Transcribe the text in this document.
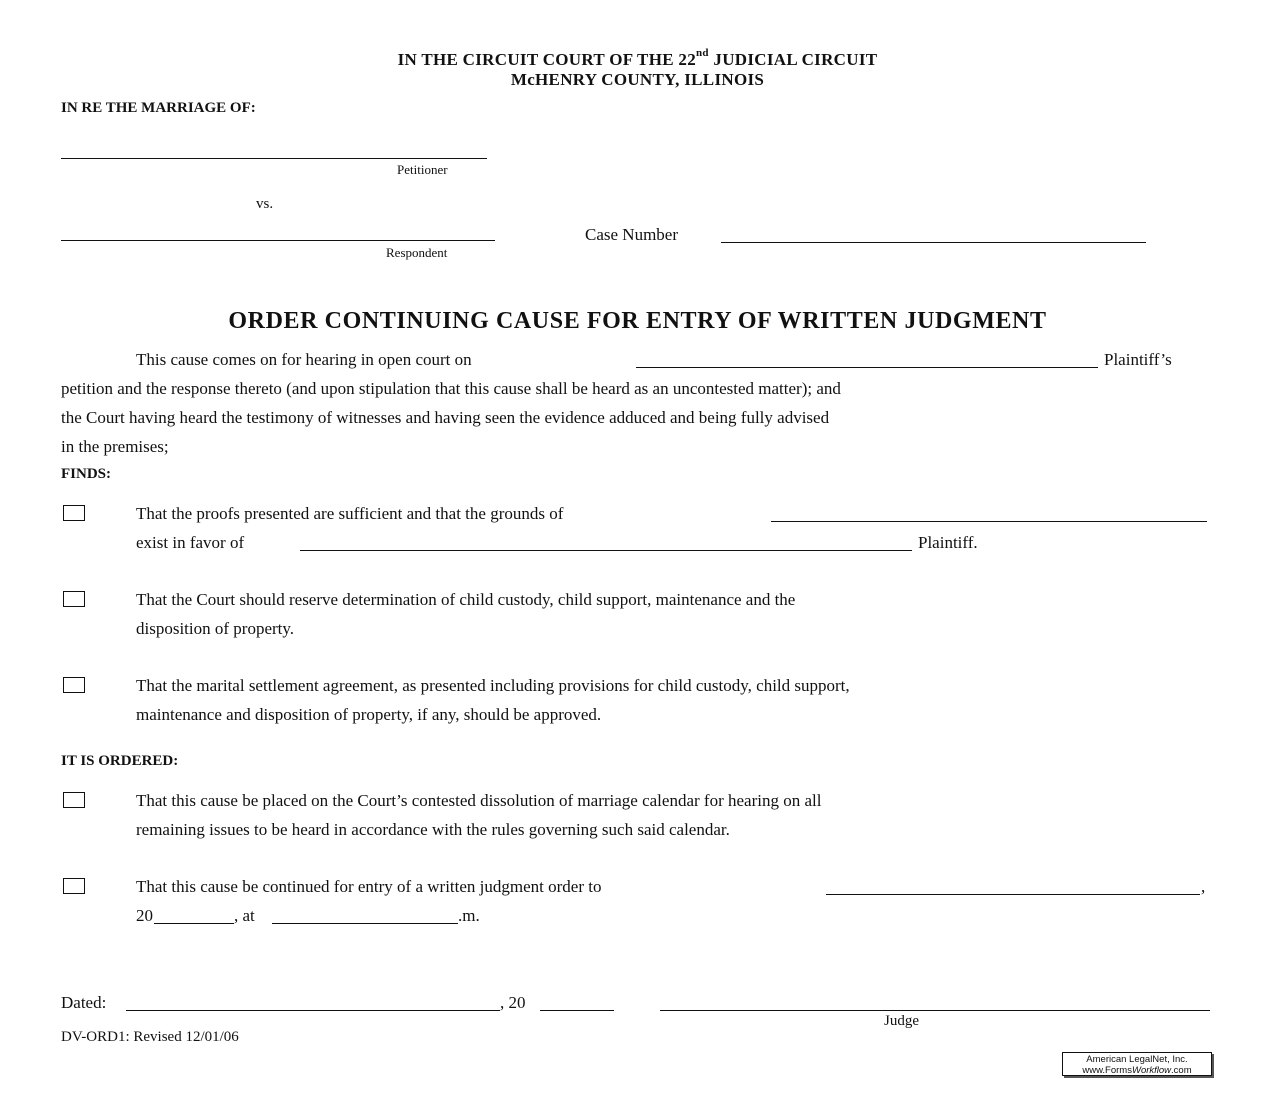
IN THE CIRCUIT COURT OF THE 22nd JUDICIAL CIRCUIT
McHENRY COUNTY, ILLINOIS
IN RE THE MARRIAGE OF:
Petitioner
vs.
Respondent
Case Number
ORDER CONTINUING CAUSE FOR ENTRY OF WRITTEN JUDGMENT
This cause comes on for hearing in open court on	Plaintiff’s
petition and the response thereto (and upon stipulation that this cause shall be heard as an uncontested matter); and
the Court having heard the testimony of witnesses and having seen the evidence adduced and being fully advised
in the premises;
FINDS:
That the proofs presented are sufficient and that the grounds of
exist in favor of	Plaintiff.
That the Court should reserve determination of child custody, child support, maintenance and the
disposition of property.
That the marital settlement agreement, as presented including provisions for child custody, child support,
maintenance and disposition of property, if any, should be approved.
IT IS ORDERED:
That this cause be placed on the Court’s contested dissolution of marriage calendar for hearing on all
remaining issues to be heard in accordance with the rules governing such said calendar.
That this cause be continued for entry of a written judgment order to	,
20	, at	.m.
Dated:	, 20
Judge
DV-ORD1: Revised 12/01/06
American LegalNet, Inc.
www.FormsWorkflow.com
